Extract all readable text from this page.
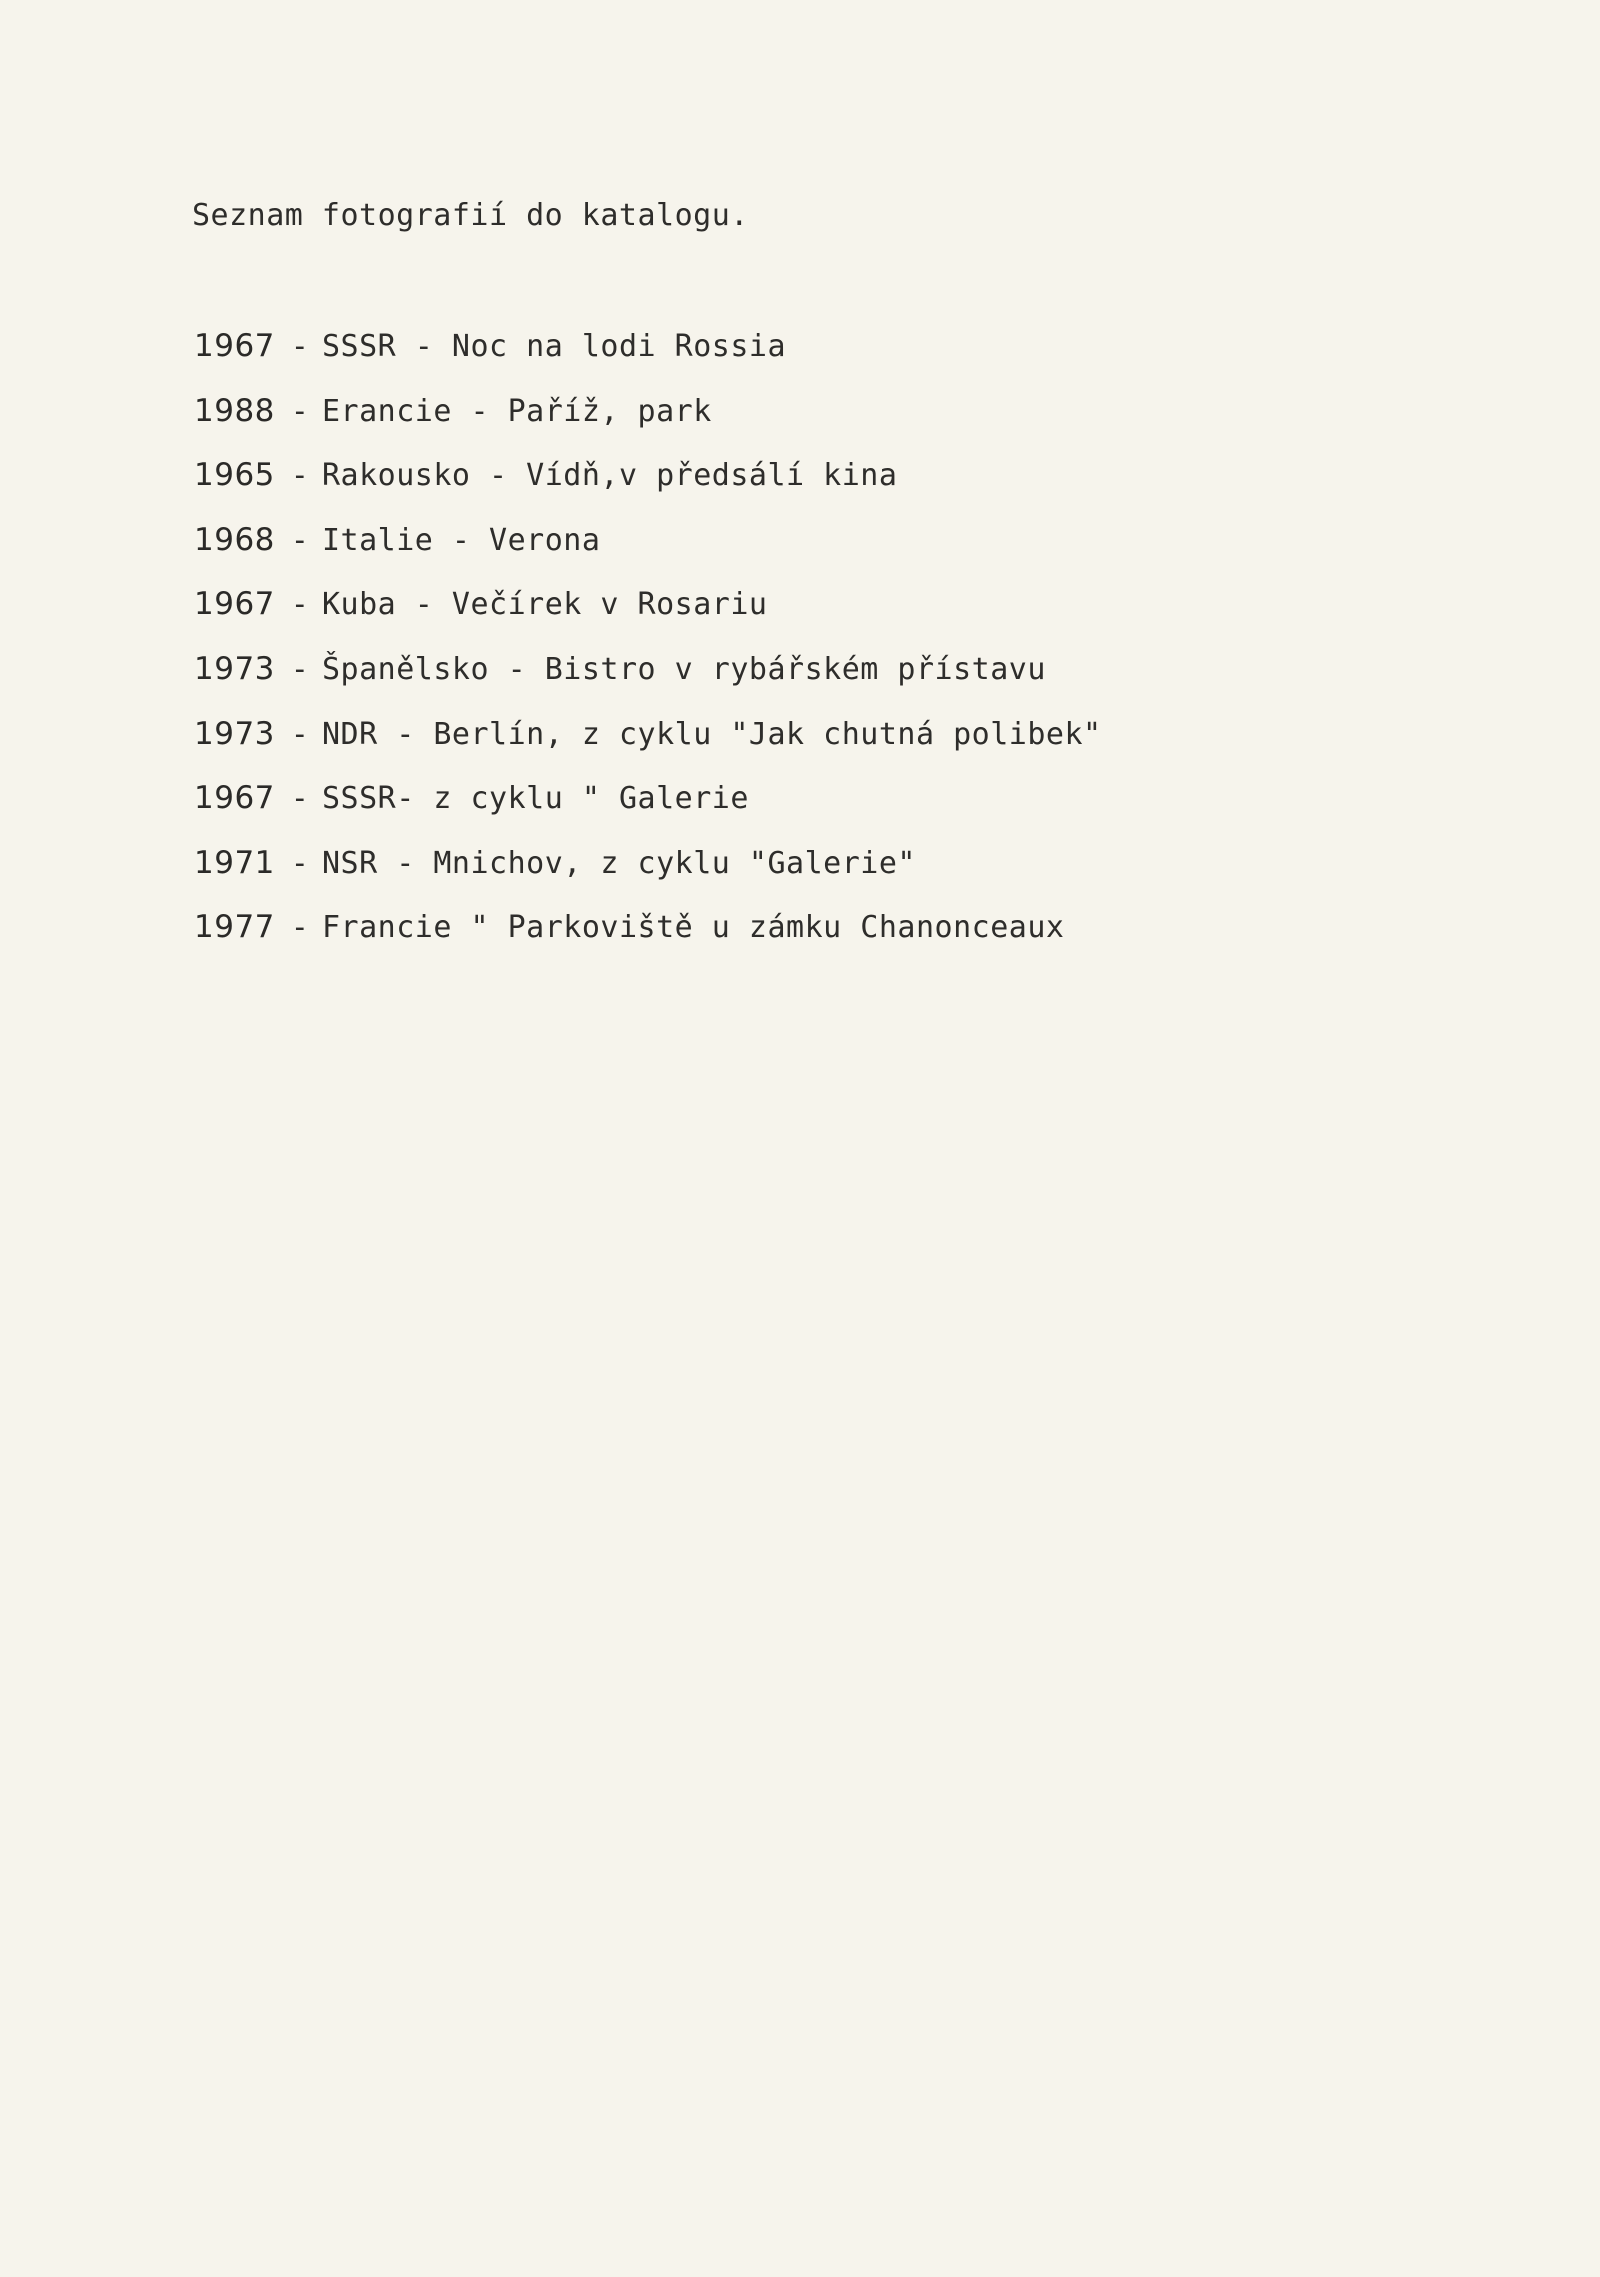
Seznam fotografií do katalogu.
1967 - SSSR - Noc na lodi Rossia
1988 - Erancie - Paříž, park
1965 - Rakousko - Vídň,v předsálí kina
1968 - Italie - Verona
1967 - Kuba - Večírek v Rosariu
1973 - Španělsko - Bistro v rybářském přístavu
1973 - NDR - Berlín, z cyklu "Jak chutná polibek"
1967 - SSSR- z cyklu " Galerie
1971 - NSR - Mnichov, z cyklu "Galerie"
1977 - Francie " Parkoviště u zámku Chanonceaux
